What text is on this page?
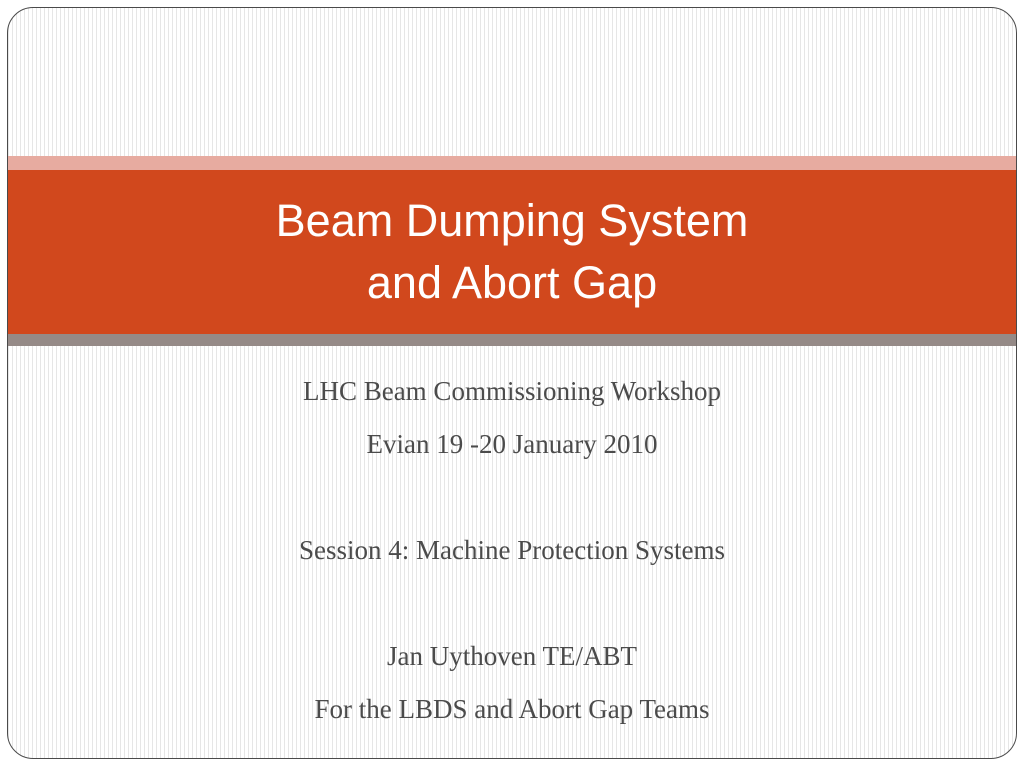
Beam Dumping System
and Abort Gap
LHC Beam Commissioning Workshop
Evian 19 -20 January 2010
Session 4: Machine Protection Systems
Jan Uythoven TE/ABT
For the LBDS and Abort Gap Teams
